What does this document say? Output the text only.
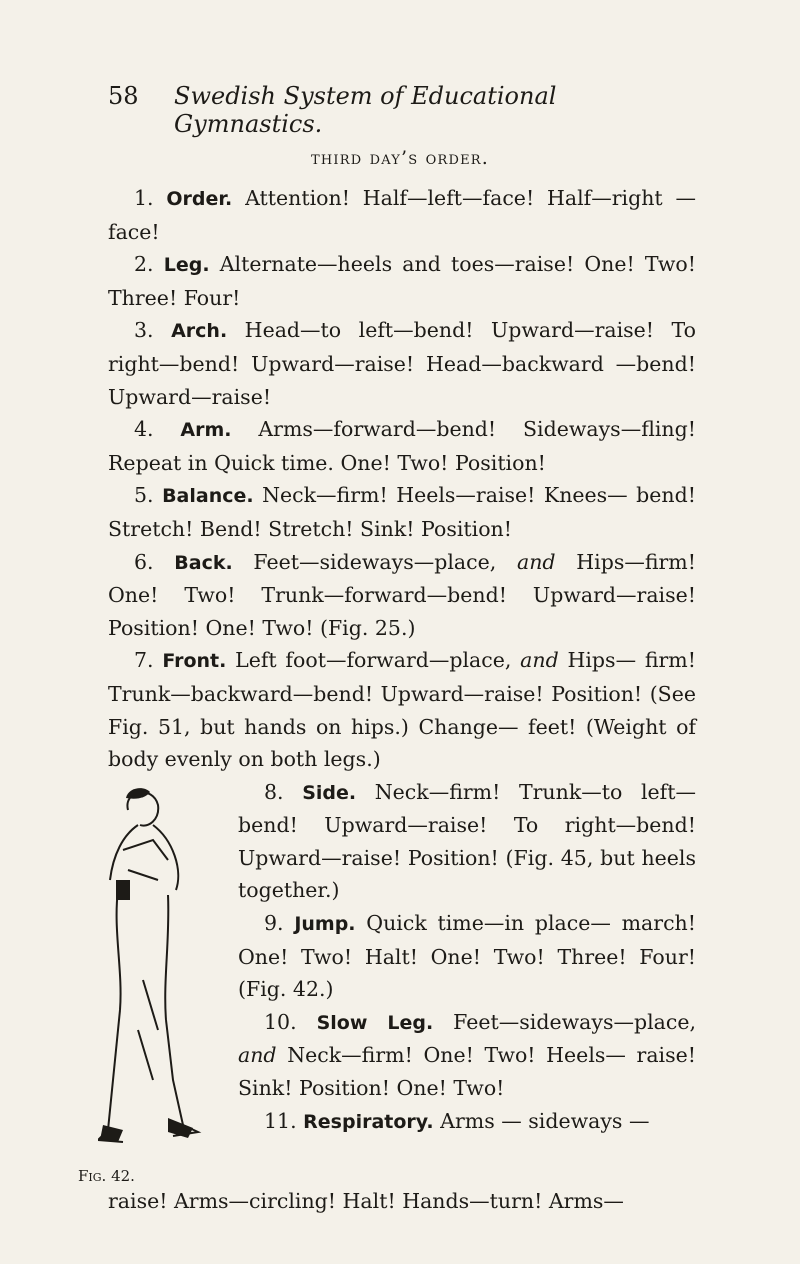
58 Swedish System of Educational Gymnastics.
third day’s order.

1. Order. Attention! Half—left—face! Half—right —face!

2. Leg. Alternate—heels and toes—raise! One! Two! Three! Four!

3. Arch. Head—to left—bend! Upward—raise! To right—bend! Upward—raise! Head—backward —bend! Upward—raise!

4. Arm. Arms—forward—bend! Sideways—fling! Repeat in Quick time. One! Two! Position!

5. Balance. Neck—firm! Heels—raise! Knees— bend! Stretch! Bend! Stretch! Sink! Position!

6. Back. Feet—sideways—place, and Hips—firm! One! Two! Trunk—forward—bend! Upward—raise! Position! One! Two! (Fig. 25.)

7. Front. Left foot—forward—place, and Hips— firm! Trunk—backward—bend! Upward—raise! Position! (See Fig. 51, but hands on hips.) Change— feet! (Weight of body evenly on both legs.)

Fig. 42.

8. Side. Neck—firm! Trunk—to left— bend! Upward—raise! To right—bend! Upward—raise! Position! (Fig. 45, but heels together.)

9. Jump. Quick time—in place— march! One! Two! Halt! One! Two! Three! Four! (Fig. 42.)

10. Slow Leg. Feet—sideways—place, and Neck—firm! One! Two! Heels— raise! Sink! Position! One! Two!

11. Respiratory. Arms — sideways —

raise! Arms—circling! Halt! Hands—turn! Arms—
